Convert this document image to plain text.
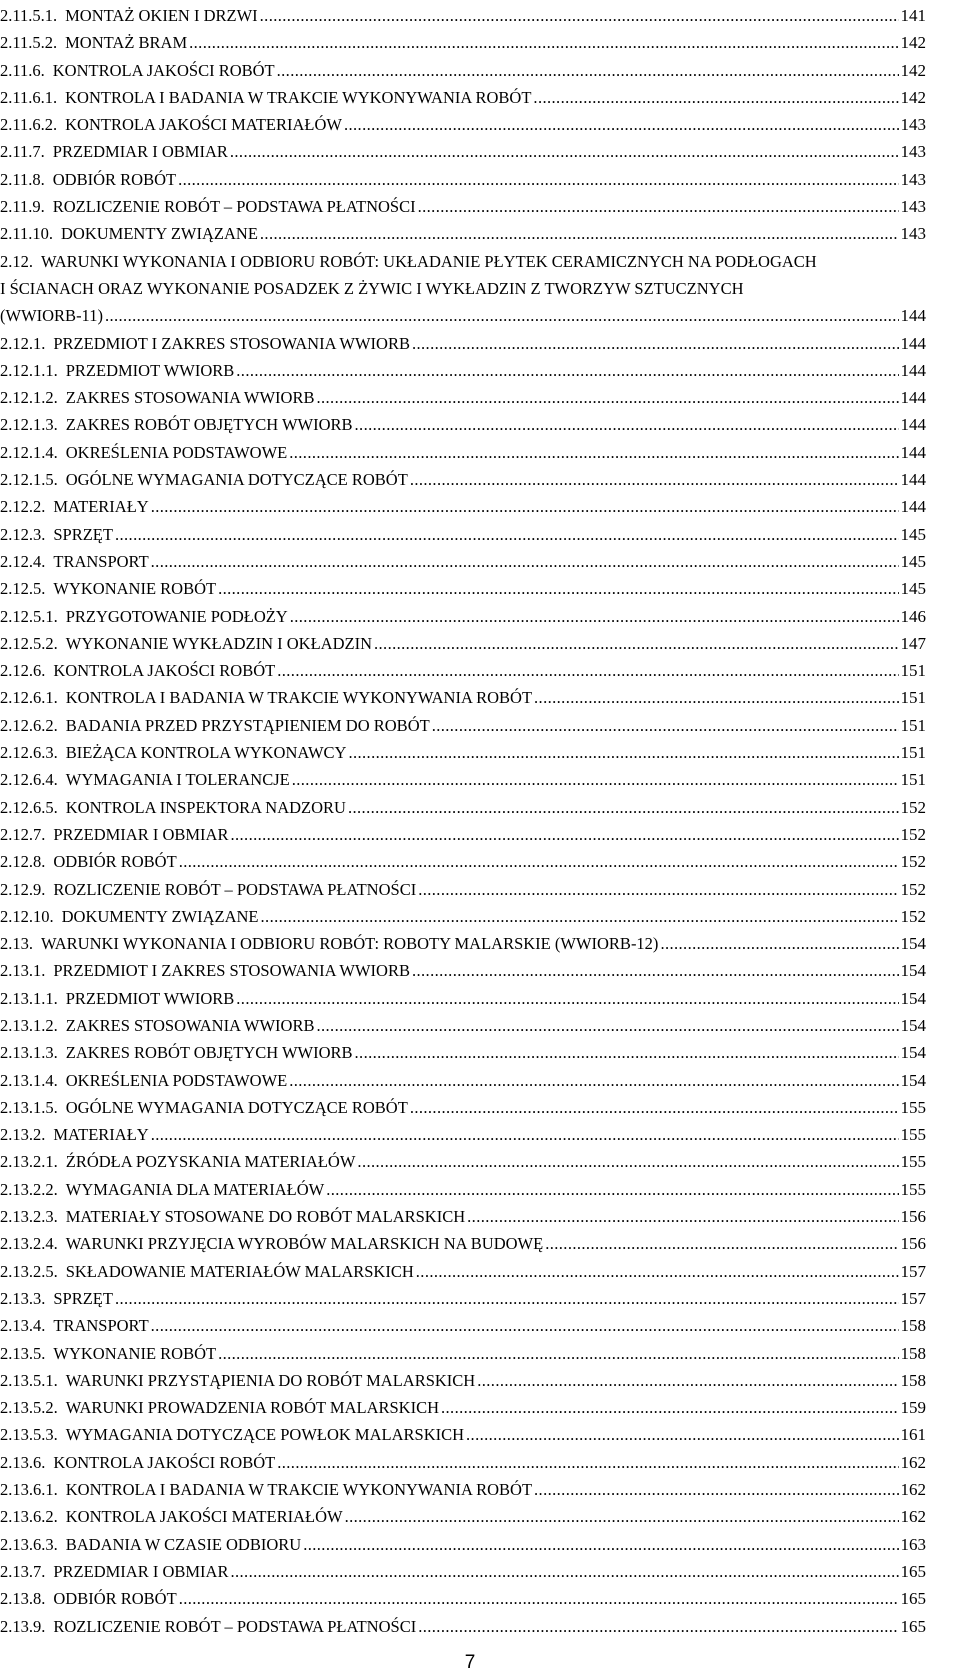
2.11.5.1. MONTAŻ OKIEN I DRZWI .....	141
2.11.5.2. MONTAŻ BRAM .....	142
2.11.6. KONTROLA JAKOŚCI ROBÓT .....	142
2.11.6.1. KONTROLA I BADANIA W TRAKCIE WYKONYWANIA ROBÓT .....	142
2.11.6.2. KONTROLA JAKOŚCI MATERIAŁÓW .....	143
2.11.7. PRZEDMIAR I OBMIAR .....	143
2.11.8. ODBIÓR ROBÓT .....	143
2.11.9. ROZLICZENIE ROBÓT – PODSTAWA PŁATNOŚCI .....	143
2.11.10. DOKUMENTY ZWIĄZANE .....	143
2.12. WARUNKI WYKONANIA I ODBIORU ROBÓT: UKŁADANIE PŁYTEK CERAMICZNYCH NA PODŁOGACH
I ŚCIANACH ORAZ WYKONANIE POSADZEK Z ŻYWIC I WYKŁADZIN Z TWORZYW SZTUCZNYCH
(WWIORB-11) .....	144
2.12.1. PRZEDMIOT I ZAKRES STOSOWANIA WWIORB .....	144
2.12.1.1. PRZEDMIOT WWIORB .....	144
2.12.1.2. ZAKRES STOSOWANIA WWIORB .....	144
2.12.1.3. ZAKRES ROBÓT OBJĘTYCH WWIORB .....	144
2.12.1.4. OKREŚLENIA PODSTAWOWE .....	144
2.12.1.5. OGÓLNE WYMAGANIA DOTYCZĄCE ROBÓT .....	144
2.12.2. MATERIAŁY .....	144
2.12.3. SPRZĘT .....	145
2.12.4. TRANSPORT .....	145
2.12.5. WYKONANIE ROBÓT .....	145
2.12.5.1. PRZYGOTOWANIE PODŁOŻY .....	146
2.12.5.2. WYKONANIE WYKŁADZIN I OKŁADZIN .....	147
2.12.6. KONTROLA JAKOŚCI ROBÓT .....	151
2.12.6.1. KONTROLA I BADANIA W TRAKCIE WYKONYWANIA ROBÓT .....	151
2.12.6.2. BADANIA PRZED PRZYSTĄPIENIEM DO ROBÓT .....	151
2.12.6.3. BIEŻĄCA KONTROLA WYKONAWCY .....	151
2.12.6.4. WYMAGANIA I TOLERANCJE .....	151
2.12.6.5. KONTROLA INSPEKTORA NADZORU .....	152
2.12.7. PRZEDMIAR I OBMIAR .....	152
2.12.8. ODBIÓR ROBÓT .....	152
2.12.9. ROZLICZENIE ROBÓT – PODSTAWA PŁATNOŚCI .....	152
2.12.10. DOKUMENTY ZWIĄZANE .....	152
2.13. WARUNKI WYKONANIA I ODBIORU ROBÓT: ROBOTY MALARSKIE (WWIORB-12) .....	154
2.13.1. PRZEDMIOT I ZAKRES STOSOWANIA WWIORB .....	154
2.13.1.1. PRZEDMIOT WWIORB .....	154
2.13.1.2. ZAKRES STOSOWANIA WWIORB .....	154
2.13.1.3. ZAKRES ROBÓT OBJĘTYCH WWIORB .....	154
2.13.1.4. OKREŚLENIA PODSTAWOWE .....	154
2.13.1.5. OGÓLNE WYMAGANIA DOTYCZĄCE ROBÓT .....	155
2.13.2. MATERIAŁY .....	155
2.13.2.1. ŹRÓDŁA POZYSKANIA MATERIAŁÓW .....	155
2.13.2.2. WYMAGANIA DLA MATERIAŁÓW .....	155
2.13.2.3. MATERIAŁY STOSOWANE DO ROBÓT MALARSKICH .....	156
2.13.2.4. WARUNKI PRZYJĘCIA WYROBÓW MALARSKICH NA BUDOWĘ .....	156
2.13.2.5. SKŁADOWANIE MATERIAŁÓW MALARSKICH .....	157
2.13.3. SPRZĘT .....	157
2.13.4. TRANSPORT .....	158
2.13.5. WYKONANIE ROBÓT .....	158
2.13.5.1. WARUNKI PRZYSTĄPIENIA DO ROBÓT MALARSKICH .....	158
2.13.5.2. WARUNKI PROWADZENIA ROBÓT MALARSKICH .....	159
2.13.5.3. WYMAGANIA DOTYCZĄCE POWŁOK MALARSKICH .....	161
2.13.6. KONTROLA JAKOŚCI ROBÓT .....	162
2.13.6.1. KONTROLA I BADANIA W TRAKCIE WYKONYWANIA ROBÓT .....	162
2.13.6.2. KONTROLA JAKOŚCI MATERIAŁÓW .....	162
2.13.6.3. BADANIA W CZASIE ODBIORU .....	163
2.13.7. PRZEDMIAR I OBMIAR .....	165
2.13.8. ODBIÓR ROBÓT .....	165
2.13.9. ROZLICZENIE ROBÓT – PODSTAWA PŁATNOŚCI .....	165
7
